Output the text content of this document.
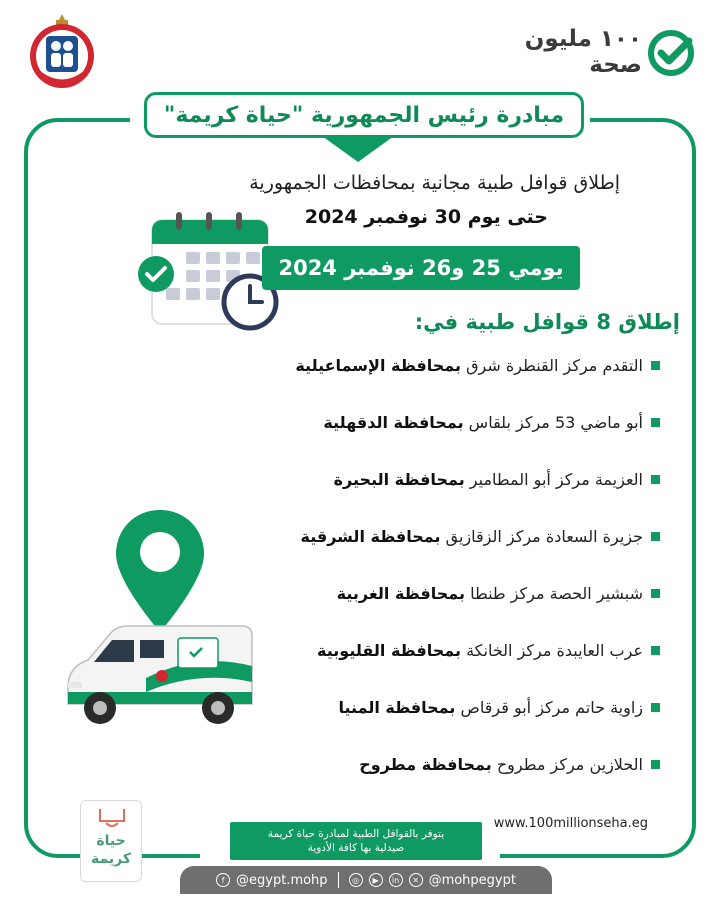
١٠٠ مليون
صحة
مبادرة رئيس الجمهورية "حياة كريمة"
إطلاق قوافل طبية مجانية بمحافظات الجمهورية
حتى يوم 30 نوفمبر 2024
يومي 25 و26 نوفمبر 2024
إطلاق 8 قوافل طبية في:
التقدم مركز القنطرة شرق بمحافظة الإسماعيلية
أبو ماضي 53 مركز بلقاس بمحافظة الدقهلية
العزيمة مركز أبو المطامير بمحافظة البحيرة
جزيرة السعادة مركز الزقازيق بمحافظة الشرقية
شبشير الحصة مركز طنطا بمحافظة الغربية
عرب العايبدة مركز الخانكة بمحافظة القليوبية
زاوية حاتم مركز أبو قرقاص بمحافظة المنيا
الحلازين مركز مطروح بمحافظة مطروح
حياة
كريمة
www.100millionseha.eg
يتوفر بالقوافل الطبية لمبادرة حياة كريمة
صيدلية بها كافة الأدوية
f @egypt.mohp	◎	▶	in	✕ @mohpegypt
